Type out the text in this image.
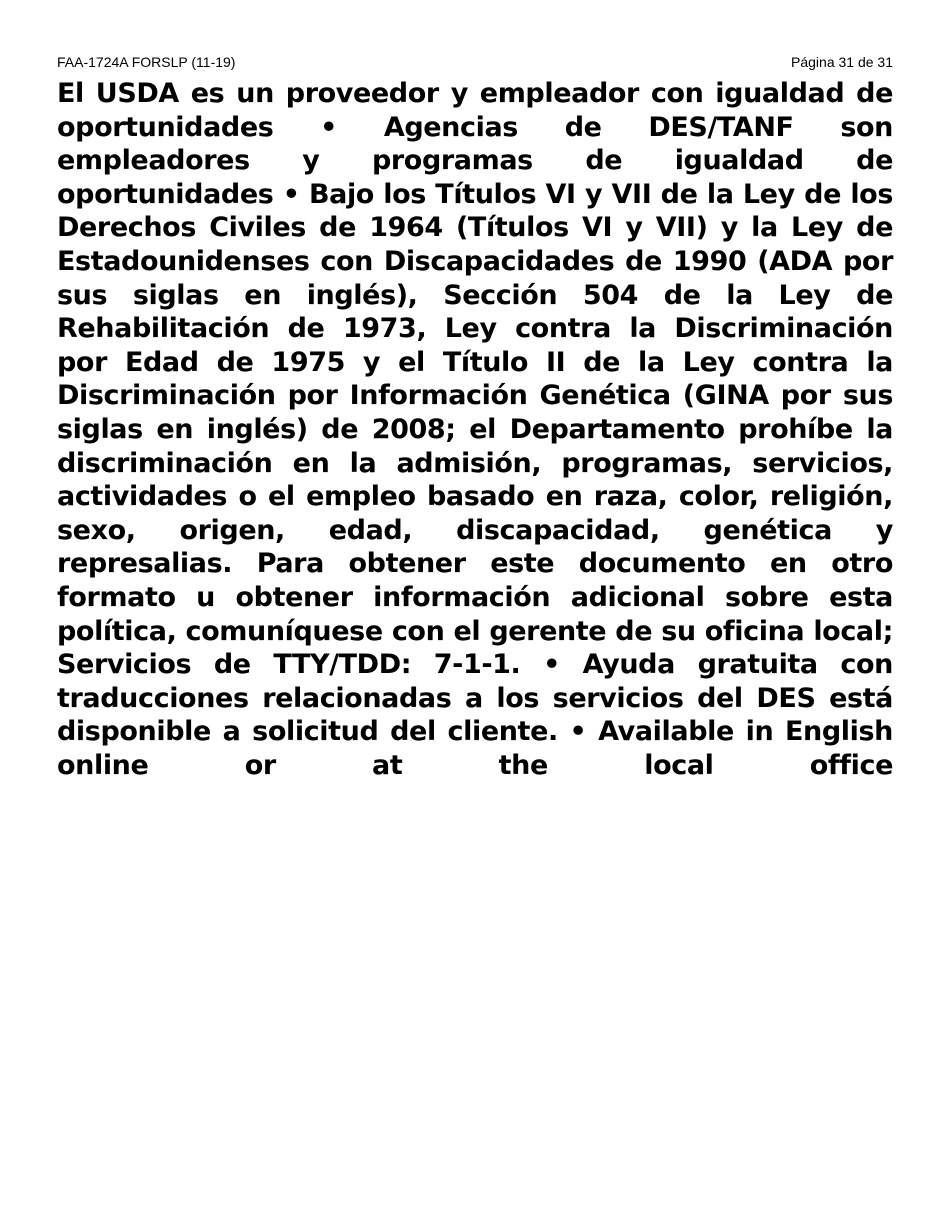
FAA-1724A FORSLP (11-19)	Página 31 de 31

El USDA es un proveedor y empleador con igualdad de oportunidades • Agencias de DES/TANF son empleadores y programas de igualdad de oportunidades • Bajo los Títulos VI y VII de la Ley de los Derechos Civiles de 1964 (Títulos VI y VII) y la Ley de Estadounidenses con Discapacidades de 1990 (ADA por sus siglas en inglés), Sección 504 de la Ley de Rehabilitación de 1973, Ley contra la Discriminación por Edad de 1975 y el Título II de la Ley contra la Discriminación por Información Genética (GINA por sus siglas en inglés) de 2008; el Departamento prohíbe la discriminación en la admisión, programas, servicios, actividades o el empleo basado en raza, color, religión, sexo, origen, edad, discapacidad, genética y represalias. Para obtener este documento en otro formato u obtener información adicional sobre esta política, comuníquese con el gerente de su oficina local; Servicios de TTY/TDD: 7-1-1. • Ayuda gratuita con traducciones relacionadas a los servicios del DES está disponible a solicitud del cliente. • Available in English online or at the local office
